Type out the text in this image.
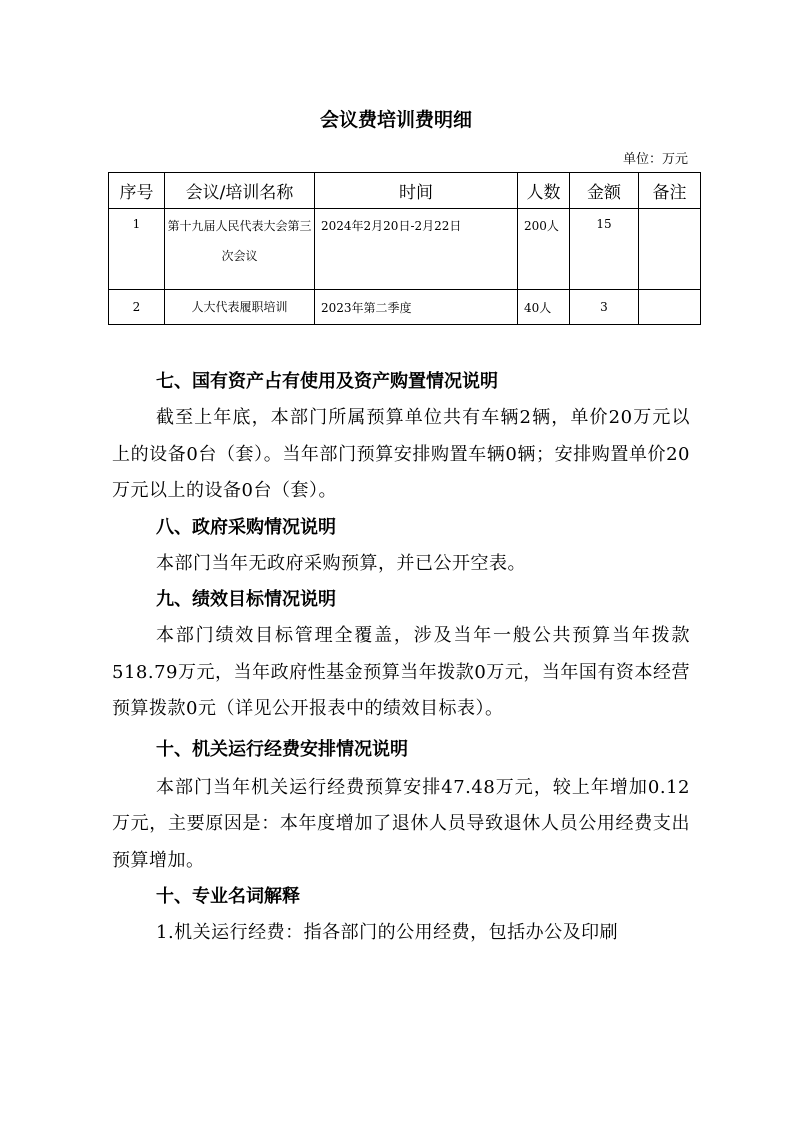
会议费培训费明细
单位：万元
序号	会议/培训名称	时间	人数	金额	备注
1	第十九届人民代表大会第三次会议	2024年2月20日-2月22日	200人	15	
2	人大代表履职培训	2023年第二季度	40人	3	
七、国有资产占有使用及资产购置情况说明

截至上年底，本部门所属预算单位共有车辆2辆，单价20万元以上的设备0台（套）。当年部门预算安排购置车辆0辆；安排购置单价20万元以上的设备0台（套）。

八、政府采购情况说明

本部门当年无政府采购预算，并已公开空表。

九、绩效目标情况说明

本部门绩效目标管理全覆盖，涉及当年一般公共预算当年拨款518.79万元，当年政府性基金预算当年拨款0万元，当年国有资本经营预算拨款0元（详见公开报表中的绩效目标表）。

十、机关运行经费安排情况说明

本部门当年机关运行经费预算安排47.48万元，较上年增加0.12万元，主要原因是：本年度增加了退休人员导致退休人员公用经费支出预算增加。

十、专业名词解释

1.机关运行经费：指各部门的公用经费，包括办公及印刷
